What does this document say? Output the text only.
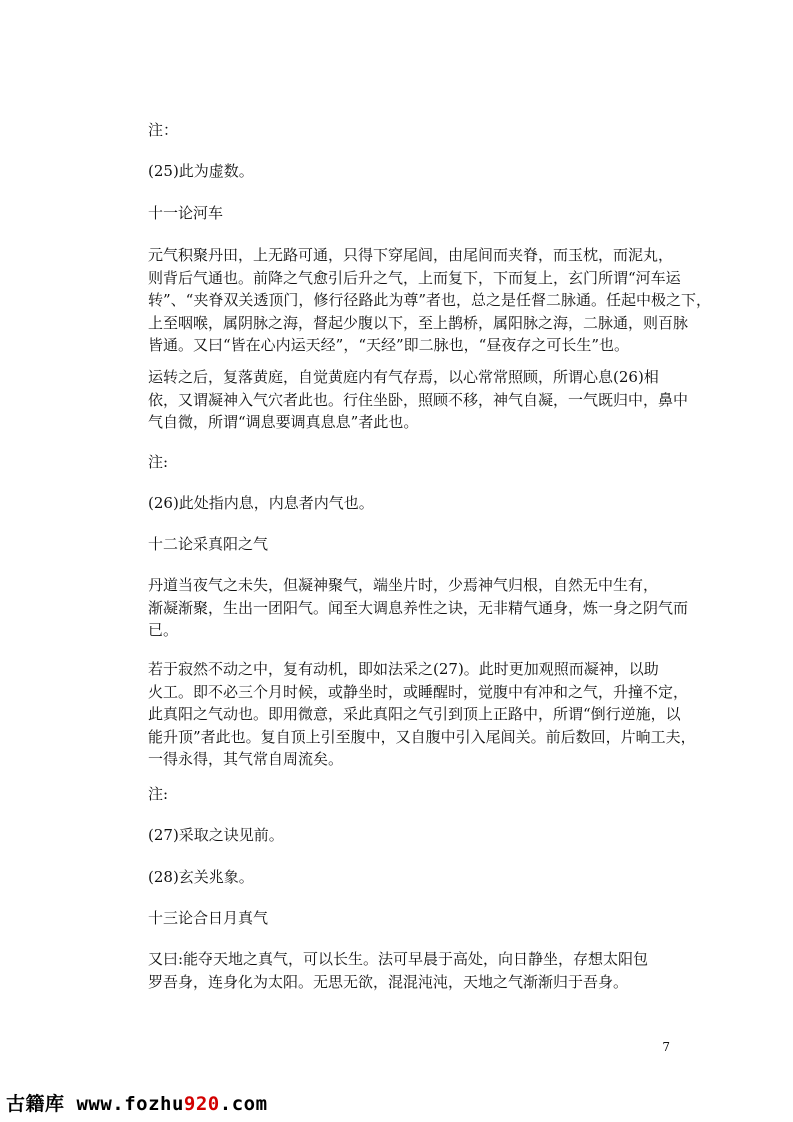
注：
(25)此为虚数。
十一论河车
元气积聚丹田，上无路可通，只得下穿尾闾，由尾间而夹脊，而玉枕，而泥丸，
则背后气通也。前降之气愈引后升之气，上而复下，下而复上，玄门所谓“河车运
转”、“夹脊双关透顶门，修行径路此为尊”者也，总之是任督二脉通。任起中极之下，
上至咽喉，属阴脉之海，督起少腹以下，至上鹊桥，属阳脉之海，二脉通，则百脉
皆通。又曰“皆在心内运天经”，“天经”即二脉也，“昼夜存之可长生”也。
运转之后，复落黄庭，自觉黄庭内有气存焉，以心常常照顾，所谓心息(26)相
依，又谓凝神入气穴者此也。行住坐卧，照顾不移，神气自凝，一气既归中，鼻中
气自微，所谓“调息要调真息息”者此也。
注:
(26)此处指内息，内息者内气也。
十二论采真阳之气
丹道当夜气之未失，但凝神聚气，端坐片时，少焉神气归根，自然无中生有，
渐凝渐聚，生出一团阳气。闻至大调息养性之诀，无非精气通身，炼一身之阴气而
已。
若于寂然不动之中，复有动机，即如法采之(27)。此时更加观照而凝神，以助
火工。即不必三个月时候，或静坐时，或睡醒时，觉腹中有冲和之气，升撞不定，
此真阳之气动也。即用微意，采此真阳之气引到顶上正路中，所谓“倒行逆施，以
能升顶”者此也。复自顶上引至腹中，又自腹中引入尾闾关。前后数回，片晌工夫，
一得永得，其气常自周流矣。
注:
(27)采取之诀见前。
(28)玄关兆象。
十三论合日月真气
又曰:能夺天地之真气，可以长生。法可早晨于高处，向日静坐，存想太阳包
罗吾身，连身化为太阳。无思无欲，混混沌沌，天地之气渐渐归于吾身。
7
古籍库 www.fozhu920.com
